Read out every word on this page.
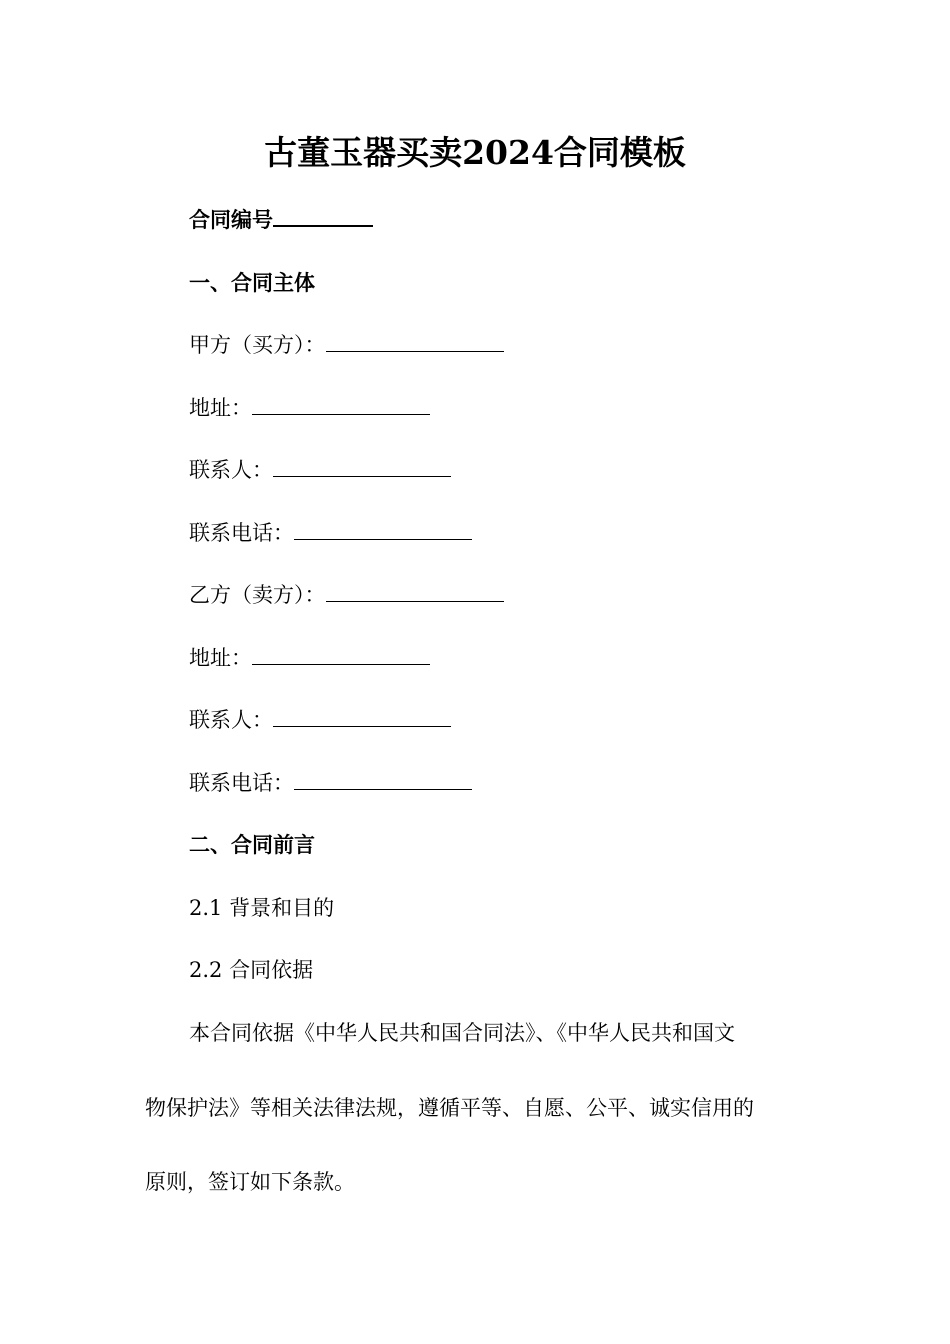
古董玉器买卖2024合同模板
合同编号
一、合同主体
甲方（买方）：
地址：
联系人：
联系电话：
乙方（卖方）：
地址：
联系人：
联系电话：
二、合同前言
2.1 背景和目的
2.2 合同依据
本合同依据《中华人民共和国合同法》、《中华人民共和国文
物保护法》等相关法律法规，遵循平等、自愿、公平、诚实信用的
原则，签订如下条款。
